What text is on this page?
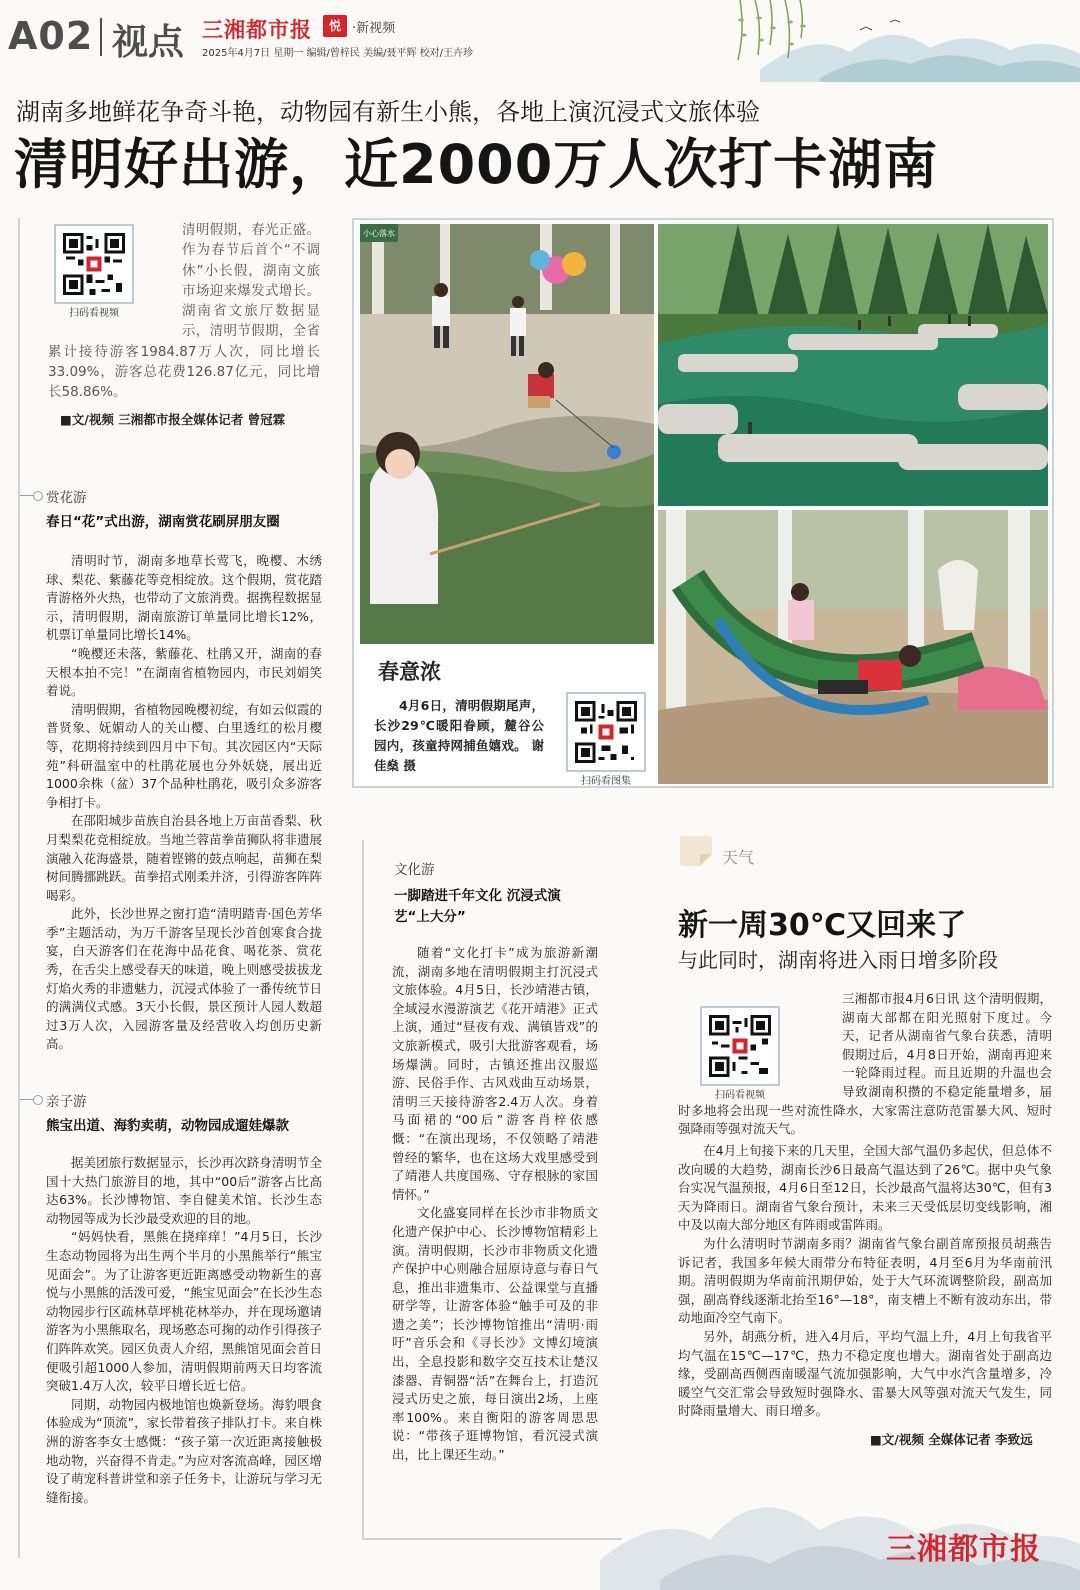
A02 视点 三湘都市报	悦 ·新视频
2025年4月7日 星期一 编辑/曾梓民 美编/聂平辉 校对/王卉珍
湖南多地鲜花争奇斗艳，动物园有新生小熊，各地上演沉浸式文旅体验
清明好出游，近2000万人次打卡湖南
清明假期，春光正盛。作为春节后首个“不调休”小长假，湖南文旅市场迎来爆发式增长。湖南省文旅厅数据显示，清明节假期，全省累计接待游客1984.87万人次，同比增长33.09%，游客总花费126.87亿元，同比增长58.86%。
扫码看视频
■文/视频 三湘都市报全媒体记者 曾冠霖
赏花游
春日“花”式出游，湖南赏花刷屏朋友圈

清明时节，湖南多地草长莺飞，晚樱、木绣球、梨花、紫藤花等竞相绽放。这个假期，赏花踏青游格外火热，也带动了文旅消费。据携程数据显示，清明假期，湖南旅游订单量同比增长12%，机票订单量同比增长14%。

“晚樱还未落，紫藤花、杜鹃又开，湖南的春天根本拍不完！”在湖南省植物园内，市民刘娟笑着说。

清明假期，省植物园晚樱初绽，有如云似霞的普贤象、妩媚动人的关山樱、白里透红的松月樱等，花期将持续到四月中下旬。其次园区内“天际苑”科研温室中的杜鹃花展也分外妖娆，展出近1000余株（盆）37个品种杜鹃花，吸引众多游客争相打卡。

在邵阳城步苗族自治县各地上万亩苗香梨、秋月梨梨花竞相绽放。当地兰蓉苗拳苗狮队将非遗展演融入花海盛景，随着铿锵的鼓点响起，苗狮在梨树间腾挪跳跃。苗拳招式刚柔并济，引得游客阵阵喝彩。

此外，长沙世界之窗打造“清明踏青·国色芳华季”主题活动，为万千游客呈现长沙首创寒食合拢宴，白天游客们在花海中品花食、喝花茶、赏花秀，在舌尖上感受春天的味道，晚上则感受拔拔龙灯焰火秀的非遗魅力，沉浸式体验了一番传统节日的满满仪式感。3天小长假，景区预计人园人数超过3万人次，入园游客量及经营收入均创历史新高。

亲子游
熊宝出道、海豹卖萌，动物园成遛娃爆款

据美团旅行数据显示，长沙再次跻身清明节全国十大热门旅游目的地，其中“00后”游客占比高达63%。长沙博物馆、李自健美术馆、长沙生态动物园等成为长沙最受欢迎的目的地。

“妈妈快看，黑熊在挠痒痒！”4月5日，长沙生态动物园将为出生两个半月的小黑熊举行“熊宝见面会”。为了让游客更近距离感受动物新生的喜悦与小黑熊的活泼可爱，“熊宝见面会”在长沙生态动物园步行区疏林草坪桃花林举办，并在现场邀请游客为小黑熊取名，现场憨态可掬的动作引得孩子们阵阵欢笑。园区负责人介绍，黑熊馆见面会首日便吸引超1000人参加，清明假期前两天日均客流突破1.4万人次，较平日增长近七倍。

同期，动物园内极地馆也焕新登场。海豹喂食体验成为“顶流”，家长带着孩子排队打卡。来自株洲的游客李女士感慨：“孩子第一次近距离接触极地动物，兴奋得不肯走。”为应对客流高峰，园区增设了萌宠科普讲堂和亲子任务卡，让游玩与学习无缝衔接。

小心落水
春意浓
4月6日，清明假期尾声，长沙29℃暖阳眷顾，麓谷公园内，孩童持网捕鱼嬉戏。 谢佳燊 摄
扫码看图集
文化游
一脚踏进千年文化 沉浸式演艺“上大分”

随着“文化打卡”成为旅游新潮流，湖南多地在清明假期主打沉浸式文旅体验。4月5日，长沙靖港古镇，全域浸水漫游演艺《花开靖港》正式上演，通过“昼夜有戏、满镇皆戏”的文旅新模式，吸引大批游客观看，场场爆满。同时，古镇还推出汉服巡游、民俗手作、古风戏曲互动场景，清明三天接待游客2.4万人次。身着马面裙的“00后”游客肖梓依感慨：“在演出现场，不仅领略了靖港曾经的繁华，也在这场大戏里感受到了靖港人共度国殇、守存根脉的家国情怀。”

文化盛宴同样在长沙市非物质文化遗产保护中心、长沙博物馆精彩上演。清明假期，长沙市非物质文化遗产保护中心则融合屈原诗意与春日气息，推出非遗集市、公益课堂与直播研学等，让游客体验“触手可及的非遗之美”；长沙博物馆推出“清明·雨吁”音乐会和《寻长沙》文博幻境演出，全息投影和数字交互技术让楚汉漆器、青铜器“活”在舞台上，打造沉浸式历史之旅，每日演出2场，上座率100%。来自衡阳的游客周思思说：“带孩子逛博物馆，看沉浸式演出，比上课还生动。”

天气
新一周30℃又回来了
与此同时，湖南将进入雨日增多阶段
三湘都市报4月6日讯 这个清明假期，湖南大部都在阳光照射下度过。今天，记者从湖南省气象台获悉，清明假期过后，4月8日开始，湖南再迎来一轮降雨过程。而且近期的升温也会导致湖南积攒的不稳定能量增多，届时多地将会出现一些对流性降水，大家需注意防范雷暴大风、短时强降雨等强对流天气。
扫码看视频

在4月上旬接下来的几天里，全国大部气温仍多起伏，但总体不改向暖的大趋势，湖南长沙6日最高气温达到了26℃。据中央气象台实况气温预报，4月6日至12日，长沙最高气温将达30℃，但有3天为降雨日。湖南省气象台预计，未来三天受低层切变线影响，湘中及以南大部分地区有阵雨或雷阵雨。

为什么清明时节湖南多雨？湖南省气象台副首席预报员胡燕告诉记者，我国多年候大雨带分布特征表明，4月至6月为华南前汛期。清明假期为华南前汛期伊始，处于大气环流调整阶段，副高加强，副高脊线逐渐北抬至16°—18°，南支槽上不断有波动东出，带动地面冷空气南下。

另外，胡燕分析，进入4月后，平均气温上升，4月上旬我省平均气温在15℃—17℃，热力不稳定度也增大。湖南省处于副高边缘，受副高西侧西南暖湿气流加强影响，大气中水汽含量增多，冷暖空气交汇常会导致短时强降水、雷暴大风等强对流天气发生，同时降雨量增大、雨日增多。

■文/视频 全媒体记者 李致远
三湘都市报
